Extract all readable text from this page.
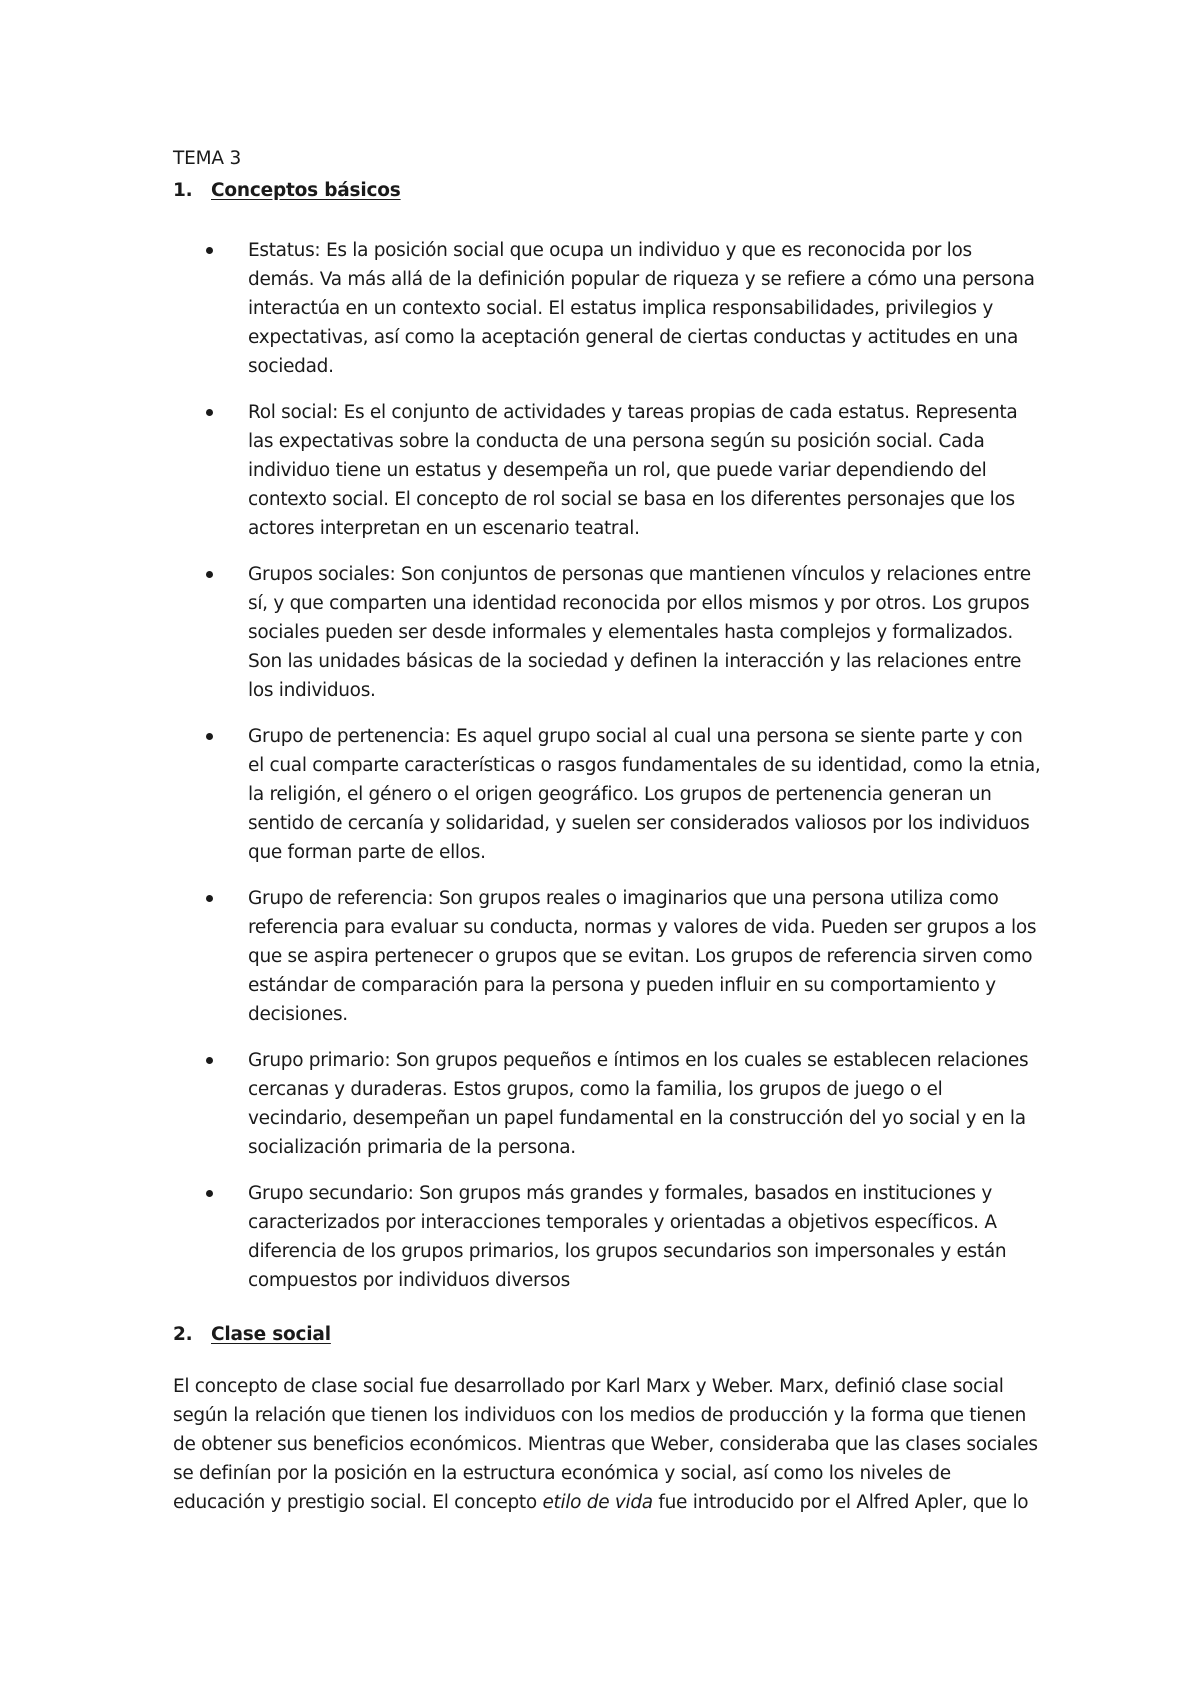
TEMA 3
1. Conceptos básicos
Estatus: Es la posición social que ocupa un individuo y que es reconocida por los demás. Va más allá de la definición popular de riqueza y se refiere a cómo una persona interactúa en un contexto social. El estatus implica responsabilidades, privilegios y expectativas, así como la aceptación general de ciertas conductas y actitudes en una sociedad.
Rol social: Es el conjunto de actividades y tareas propias de cada estatus. Representa las expectativas sobre la conducta de una persona según su posición social. Cada individuo tiene un estatus y desempeña un rol, que puede variar dependiendo del contexto social. El concepto de rol social se basa en los diferentes personajes que los actores interpretan en un escenario teatral.
Grupos sociales: Son conjuntos de personas que mantienen vínculos y relaciones entre sí, y que comparten una identidad reconocida por ellos mismos y por otros. Los grupos sociales pueden ser desde informales y elementales hasta complejos y formalizados. Son las unidades básicas de la sociedad y definen la interacción y las relaciones entre los individuos.
Grupo de pertenencia: Es aquel grupo social al cual una persona se siente parte y con el cual comparte características o rasgos fundamentales de su identidad, como la etnia, la religión, el género o el origen geográfico. Los grupos de pertenencia generan un sentido de cercanía y solidaridad, y suelen ser considerados valiosos por los individuos que forman parte de ellos.
Grupo de referencia: Son grupos reales o imaginarios que una persona utiliza como referencia para evaluar su conducta, normas y valores de vida. Pueden ser grupos a los que se aspira pertenecer o grupos que se evitan. Los grupos de referencia sirven como estándar de comparación para la persona y pueden influir en su comportamiento y decisiones.
Grupo primario: Son grupos pequeños e íntimos en los cuales se establecen relaciones cercanas y duraderas. Estos grupos, como la familia, los grupos de juego o el vecindario, desempeñan un papel fundamental en la construcción del yo social y en la socialización primaria de la persona.
Grupo secundario: Son grupos más grandes y formales, basados en instituciones y caracterizados por interacciones temporales y orientadas a objetivos específicos. A diferencia de los grupos primarios, los grupos secundarios son impersonales y están compuestos por individuos diversos
2. Clase social

El concepto de clase social fue desarrollado por Karl Marx y Weber. Marx, definió clase social según la relación que tienen los individuos con los medios de producción y la forma que tienen de obtener sus beneficios económicos. Mientras que Weber, consideraba que las clases sociales se definían por la posición en la estructura económica y social, así como los niveles de educación y prestigio social. El concepto etilo de vida fue introducido por el Alfred Apler, que lo
